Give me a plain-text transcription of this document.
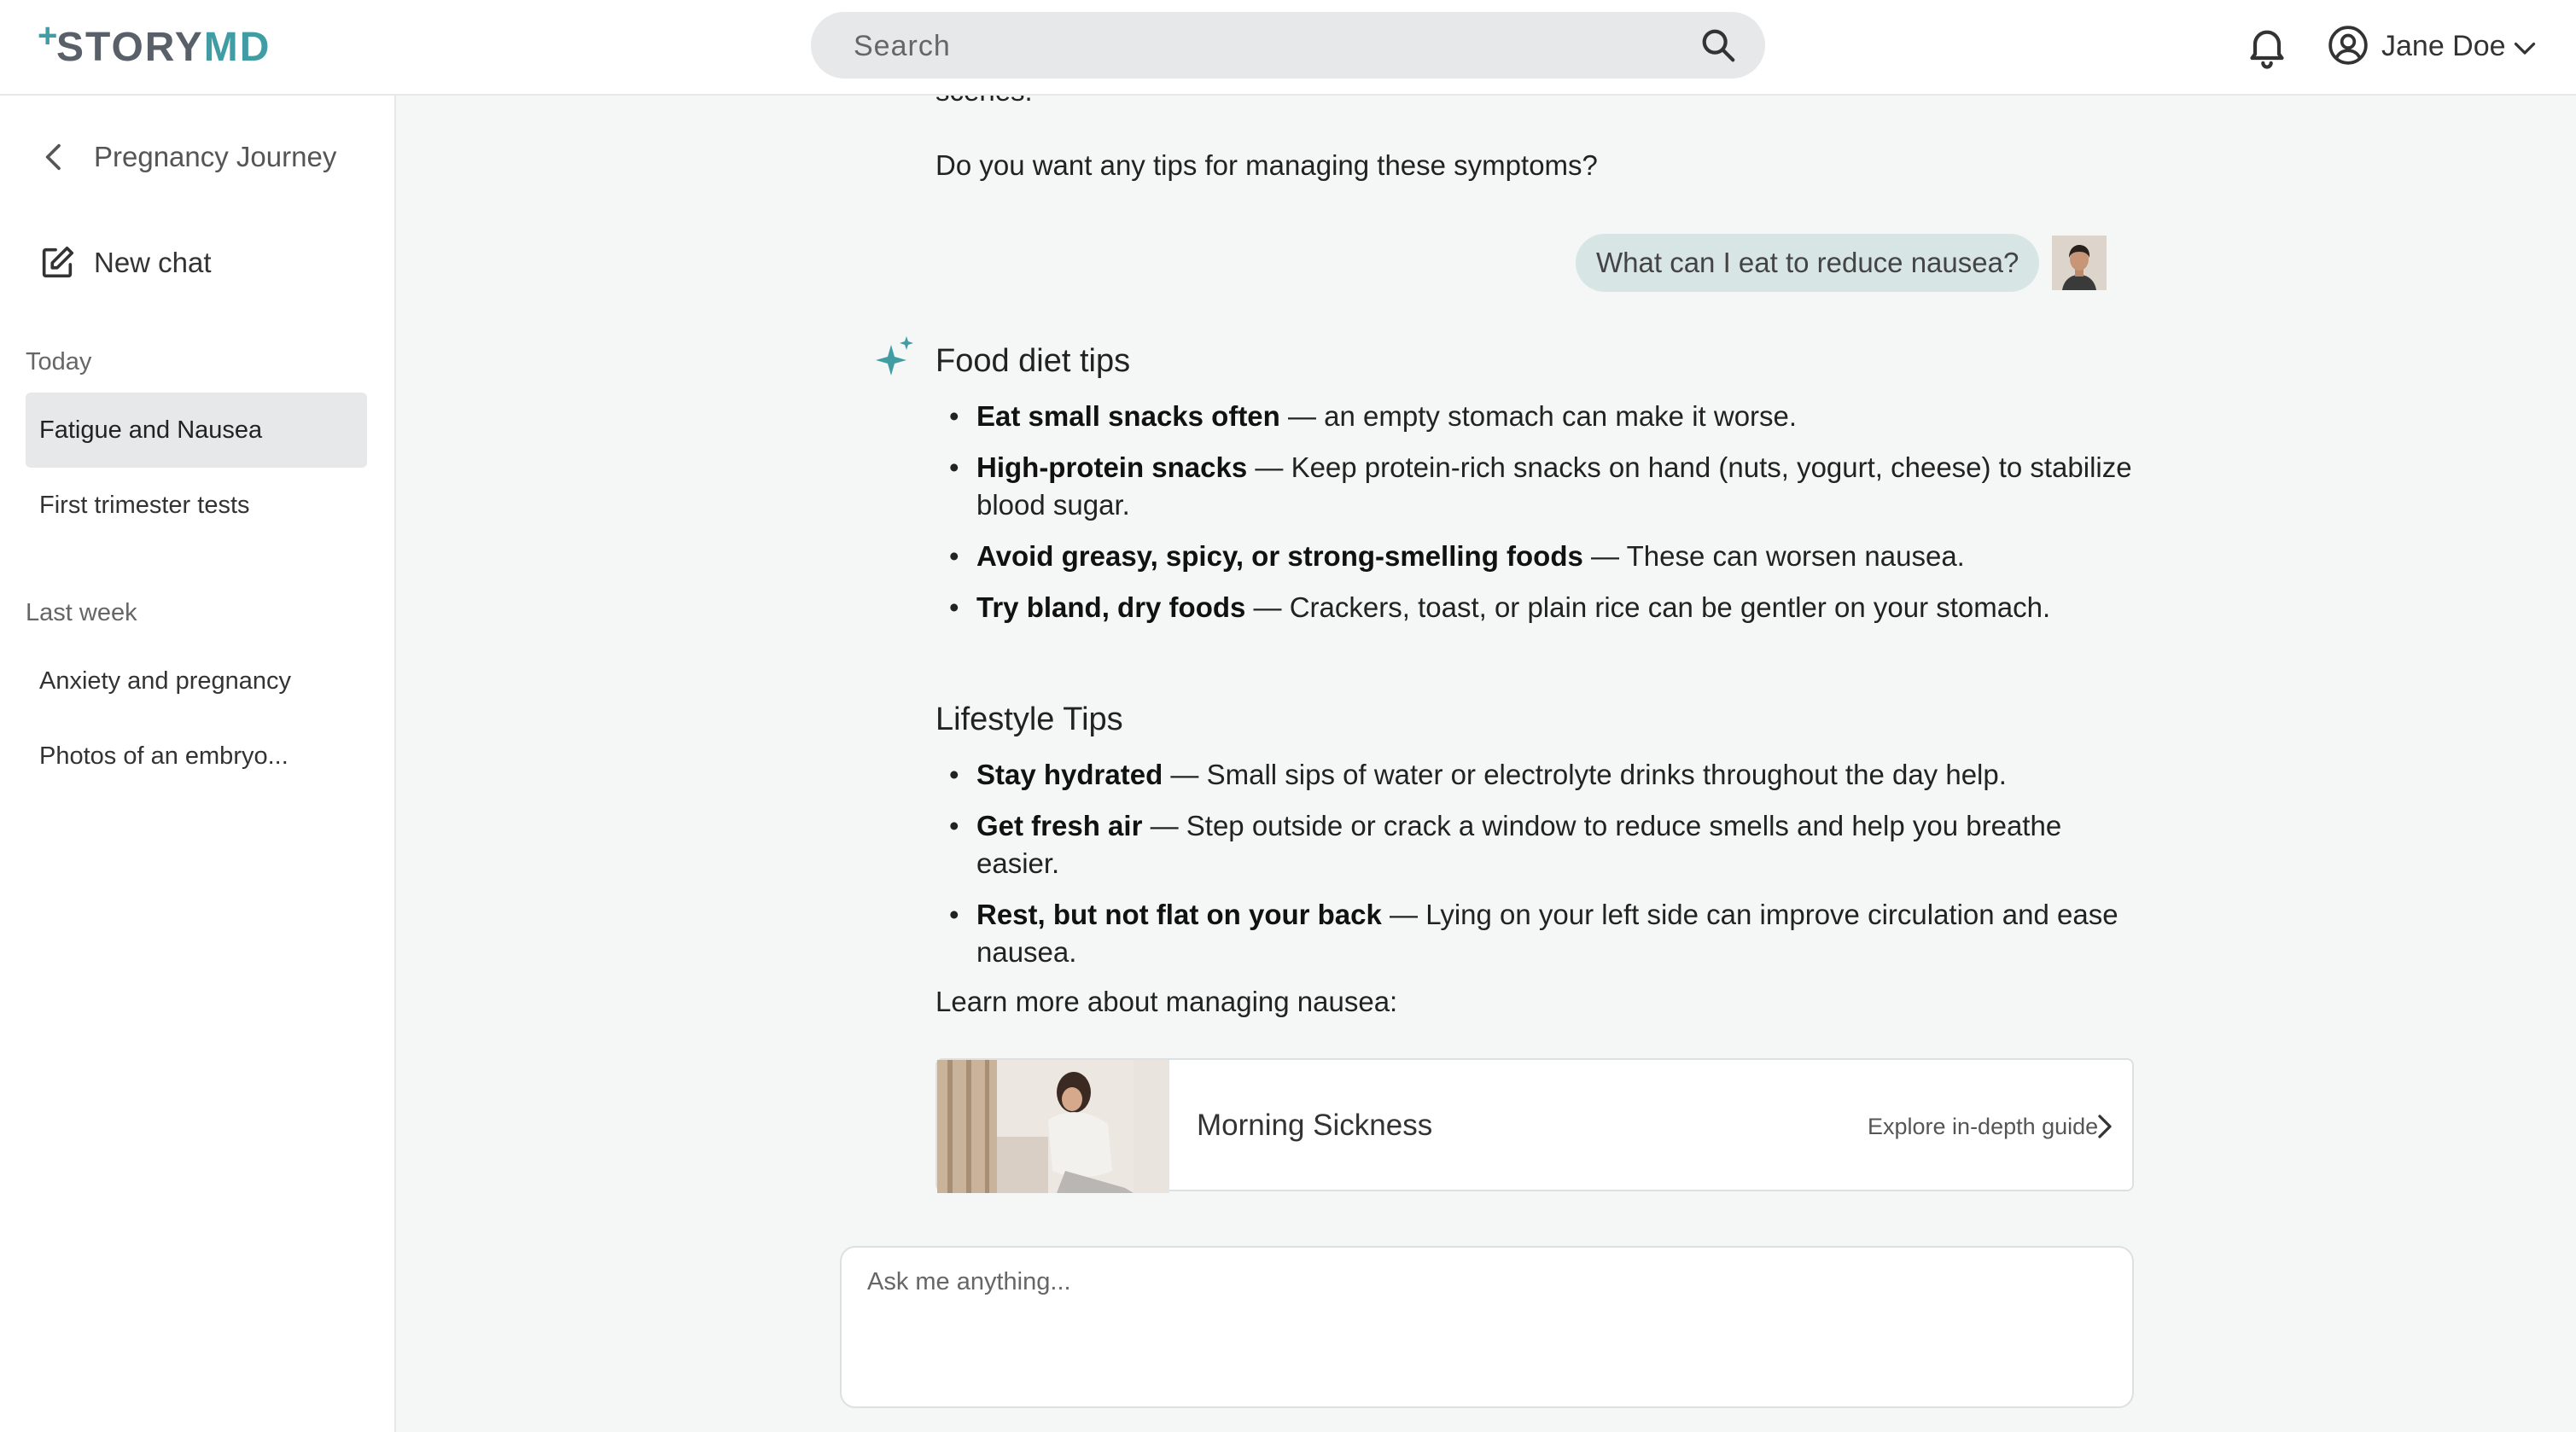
+
STORYMD
Search	Jane Doe
Pregnancy Journey
New chat
Today
Fatigue and Nausea
First trimester tests
Last week
Anxiety and pregnancy
Photos of an embryo...
Do you want any tips for managing these symptoms?
What can I eat to reduce nausea?
Food diet tips
• Eat small snacks often — an empty stomach can make it worse.
• High-protein snacks — Keep protein-rich snacks on hand (nuts, yogurt, cheese) to stabilize blood sugar.
• Avoid greasy, spicy, or strong-smelling foods — These can worsen nausea.
• Try bland, dry foods — Crackers, toast, or plain rice can be gentler on your stomach.
Lifestyle Tips
• Stay hydrated — Small sips of water or electrolyte drinks throughout the day help.
• Get fresh air — Step outside or crack a window to reduce smells and help you breathe easier.
• Rest, but not flat on your back — Lying on your left side can improve circulation and ease nausea.
Learn more about managing nausea:
Morning Sickness	Explore in-depth guide
Ask me anything...
